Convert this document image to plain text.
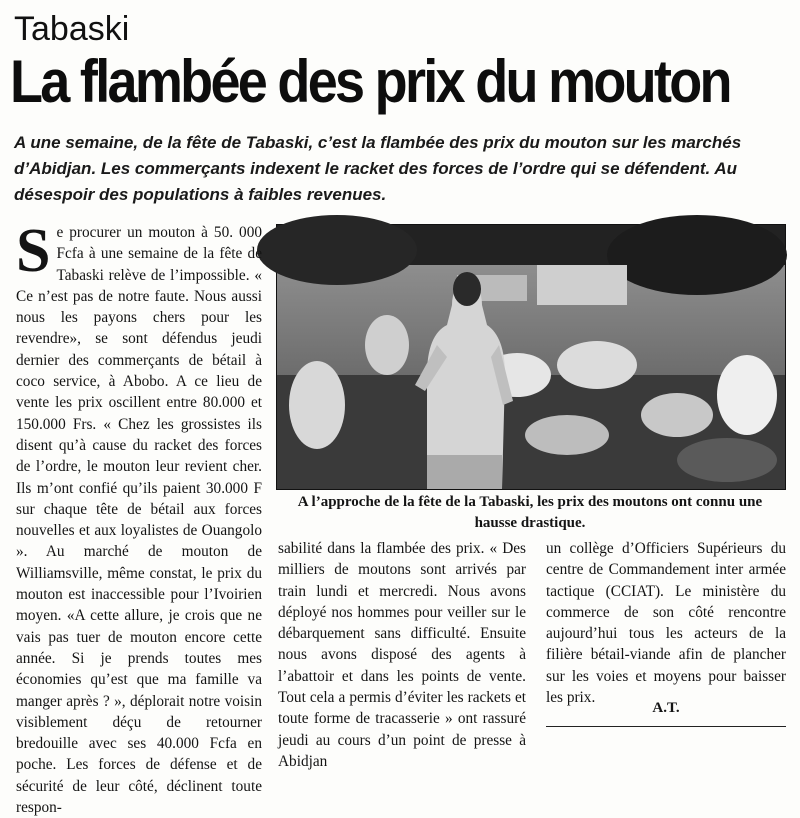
Tabaski
La flambée des prix du mouton
A une semaine, de la fête de Tabaski, c’est la flambée des prix du mouton sur les marchés d’Abidjan. Les commerçants indexent le racket des forces de l’ordre qui se défendent. Au désespoir des populations à faibles revenues.
A l’approche de la fête de la Tabaski, les prix des moutons ont connu une hausse drastique.

Se procurer un mouton à 50. 000 Fcfa à une semaine de la fête de Tabaski relève de l’impossible. « Ce n’est pas de notre faute. Nous aussi nous les payons chers pour les revendre», se sont défendus jeudi dernier des commerçants de bétail à coco service, à Abobo. A ce lieu de vente les prix oscillent entre 80.000 et 150.000 Frs. « Chez les grossistes ils disent qu’à cause du racket des forces de l’ordre, le mouton leur revient cher. Ils m’ont confié qu’ils paient 30.000 F sur chaque tête de bétail aux forces nouvelles et aux loyalistes de Ouangolo ». Au marché de mouton de Williamsville, même constat, le prix du mouton est inaccessible pour l’Ivoirien moyen. «A cette allure, je crois que ne vais pas tuer de mouton encore cette année. Si je prends toutes mes économies qu’est que ma famille va manger après ? », déplorait notre voisin visiblement déçu de retourner bredouille avec ses 40.000 Fcfa en poche. Les forces de défense et de sécurité de leur côté, déclinent toute respon-

sabilité dans la flambée des prix. « Des milliers de moutons sont arrivés par train lundi et mercredi. Nous avons déployé nos hommes pour veiller sur le débarquement sans difficulté. Ensuite nous avons disposé des agents à l’abattoir et dans les points de vente. Tout cela a permis d’éviter les rackets et toute forme de tracasserie » ont rassuré jeudi au cours d’un point de presse à Abidjan

un collège d’Officiers Supérieurs du centre de Commandement inter armée tactique (CCIAT). Le ministère du commerce de son côté rencontre aujourd’hui tous les acteurs de la filière bétail-viande afin de plancher sur les voies et moyens pour baisser les prix.

A.T.
